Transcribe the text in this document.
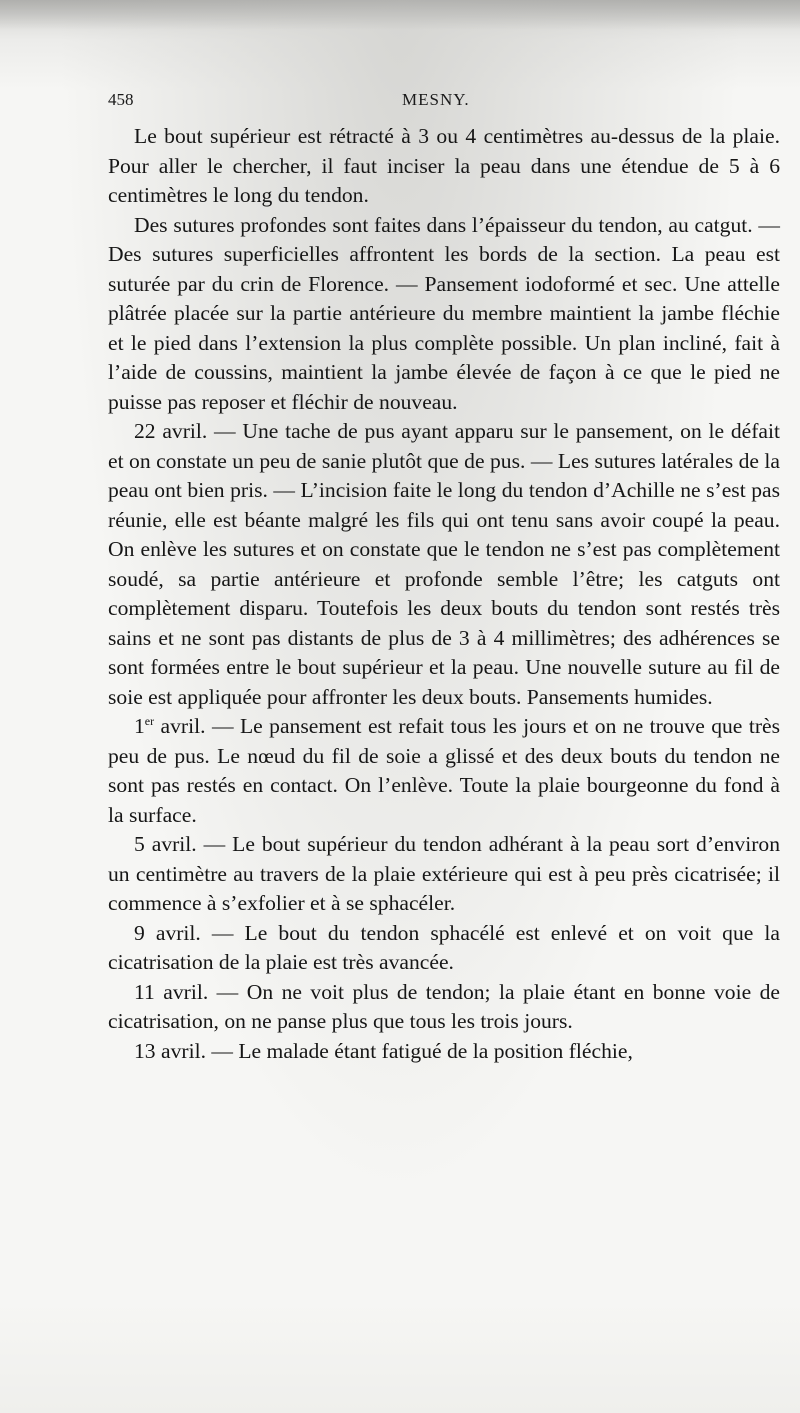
458	MESNY.

Le bout supérieur est rétracté à 3 ou 4 centimètres au-dessus de la plaie. Pour aller le chercher, il faut inciser la peau dans une étendue de 5 à 6 centimètres le long du tendon.

Des sutures profondes sont faites dans l’épaisseur du tendon, au catgut. — Des sutures superficielles affrontent les bords de la section. La peau est suturée par du crin de Florence. — Pansement iodoformé et sec. Une attelle plâtrée placée sur la partie antérieure du membre maintient la jambe fléchie et le pied dans l’extension la plus complète possible. Un plan incliné, fait à l’aide de coussins, maintient la jambe élevée de façon à ce que le pied ne puisse pas reposer et fléchir de nouveau.

22 avril. — Une tache de pus ayant apparu sur le pansement, on le défait et on constate un peu de sanie plutôt que de pus. — Les sutures latérales de la peau ont bien pris. — L’incision faite le long du tendon d’Achille ne s’est pas réunie, elle est béante malgré les fils qui ont tenu sans avoir coupé la peau. On enlève les sutures et on constate que le tendon ne s’est pas complètement soudé, sa partie antérieure et profonde semble l’être; les catguts ont complètement disparu. Toutefois les deux bouts du tendon sont restés très sains et ne sont pas distants de plus de 3 à 4 millimètres; des adhérences se sont formées entre le bout supérieur et la peau. Une nouvelle suture au fil de soie est appliquée pour affronter les deux bouts. Pansements humides.

1er avril. — Le pansement est refait tous les jours et on ne trouve que très peu de pus. Le nœud du fil de soie a glissé et des deux bouts du tendon ne sont pas restés en contact. On l’enlève. Toute la plaie bourgeonne du fond à la surface.

5 avril. — Le bout supérieur du tendon adhérant à la peau sort d’environ un centimètre au travers de la plaie extérieure qui est à peu près cicatrisée; il commence à s’exfolier et à se sphacéler.

9 avril. — Le bout du tendon sphacélé est enlevé et on voit que la cicatrisation de la plaie est très avancée.

11 avril. — On ne voit plus de tendon; la plaie étant en bonne voie de cicatrisation, on ne panse plus que tous les trois jours.

13 avril. — Le malade étant fatigué de la position fléchie,
